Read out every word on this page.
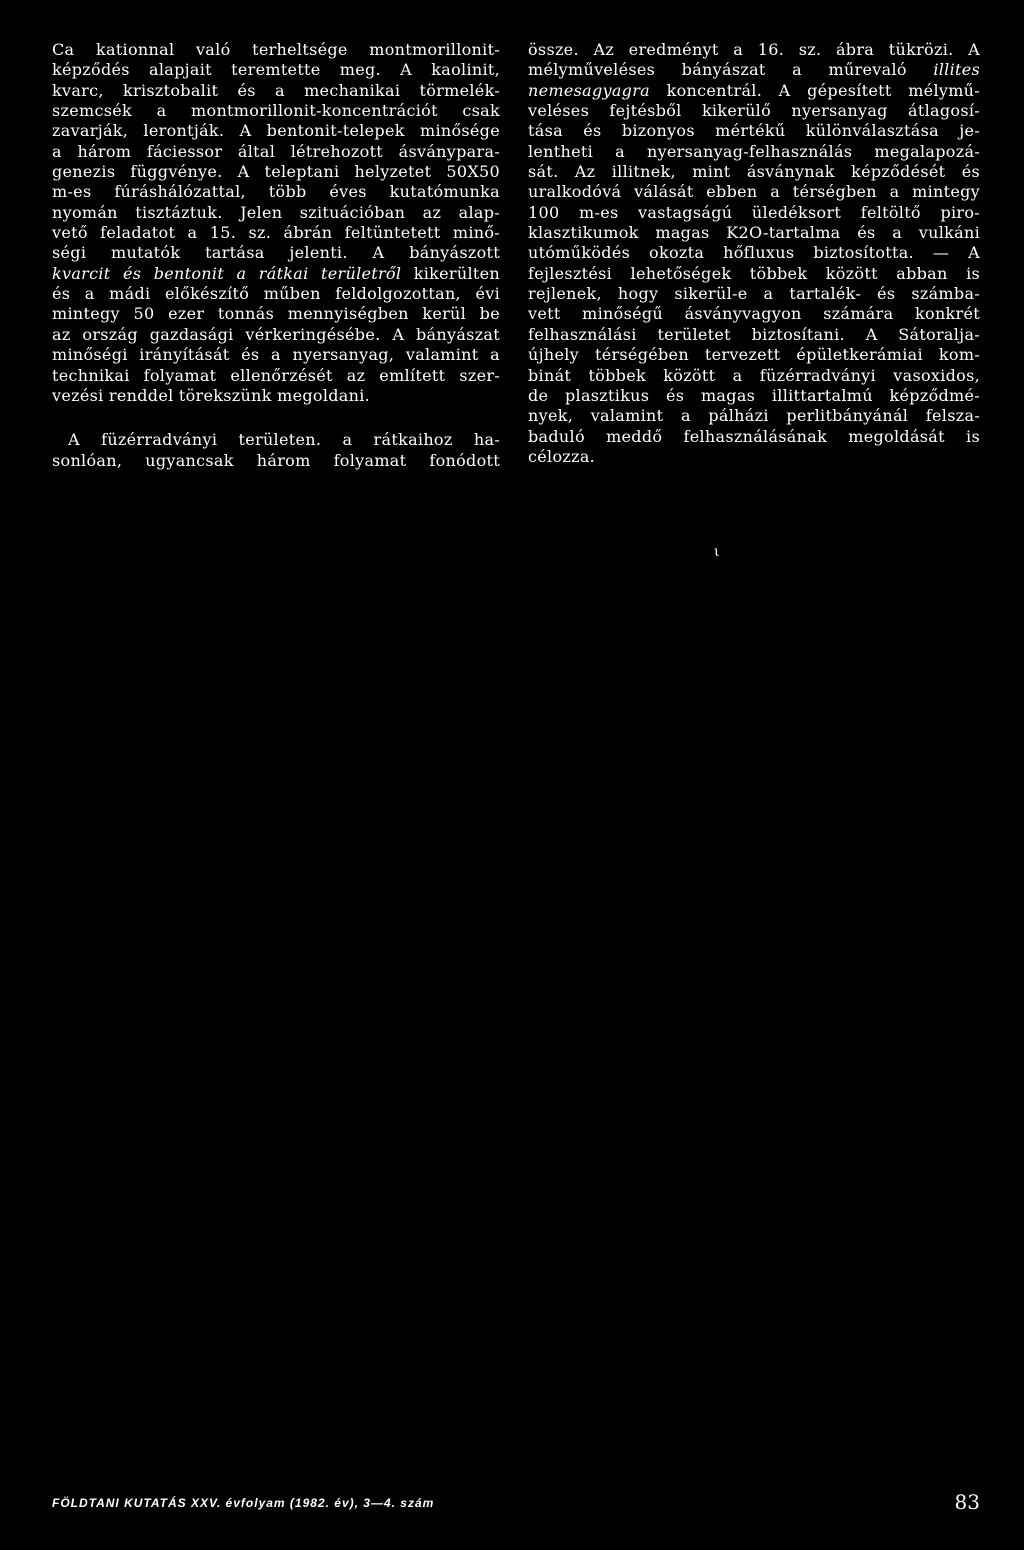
Ca kationnal való terheltsége montmorillonit-
képződés alapjait teremtette meg. A kaolinit,
kvarc, krisztobalit és a mechanikai törmelék-
szemcsék a montmorillonit-koncentrációt csak
zavarják, lerontják. A bentonit-telepek minősége
a három fáciessor által létrehozott ásványpara-
genezis függvénye. A teleptani helyzetet 50X50
m-es fúráshálózattal, több éves kutatómunka
nyomán tisztáztuk. Jelen szituációban az alap-
vető feladatot a 15. sz. ábrán feltüntetett minő-
ségi mutatók tartása jelenti. A bányászott
kvarcit és bentonit a rátkai területről kikerülten
és a mádi előkészítő műben feldolgozottan, évi
mintegy 50 ezer tonnás mennyiségben kerül be
az ország gazdasági vérkeringésébe. A bányászat
minőségi irányítását és a nyersanyag, valamint a
technikai folyamat ellenőrzését az említett szer-
vezési renddel törekszünk megoldani.
A füzérradványi területen. a rátkaihoz ha-
sonlóan, ugyancsak három folyamat fonódott
össze. Az eredményt a 16. sz. ábra tükrözi. A
mélyműveléses bányászat a műrevaló illites
nemesagyagra koncentrál. A gépesített mélymű-
veléses fejtésből kikerülő nyersanyag átlagosí-
tása és bizonyos mértékű különválasztása je-
lentheti a nyersanyag-felhasználás megalapozá-
sát. Az illitnek, mint ásványnak képződését és
uralkodóvá válását ebben a térségben a mintegy
100 m-es vastagságú üledéksort feltöltő piro-
klasztikumok magas K2O-tartalma és a vulkáni
utóműködés okozta hőfluxus biztosította. — A
fejlesztési lehetőségek többek között abban is
rejlenek, hogy sikerül-e a tartalék- és számba-
vett minőségű ásványvagyon számára konkrét
felhasználási területet biztosítani. A Sátoralja-
újhely térségében tervezett épületkerámiai kom-
binát többek között a füzérradványi vasoxidos,
de plasztikus és magas illittartalmú képződmé-
nyek, valamint a pálházi perlitbányánál felsza-
baduló meddő felhasználásának megoldását is
célozza.
ι
FÖLDTANI KUTATÁS XXV. évfolyam (1982. év), 3—4. szám	83
